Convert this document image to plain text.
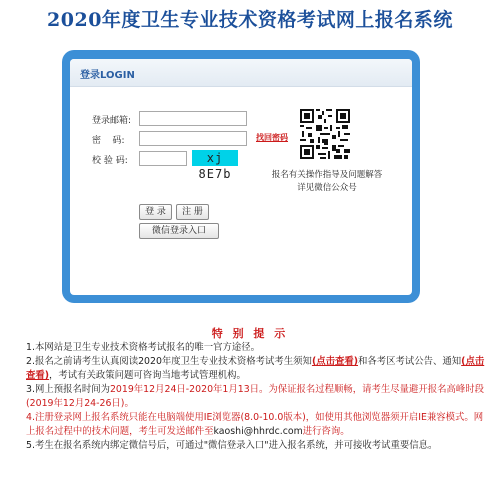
2020年度卫生专业技术资格考试网上报名系统
登录LOGIN
登录邮箱:
密    码:
校 验 码:	xj 8E7b
找回密码
报名有关操作指导及问题解答
详见微信公众号
登 录	注 册
微信登录入口
特 别 提 示

1.本网站是卫生专业技术资格考试报名的唯一官方途径。

2.报名之前请考生认真阅读2020年度卫生专业技术资格考试考生须知(点击查看)和各考区考试公告、通知(点击查看)，考试有关政策问题可咨询当地考试管理机构。

3.网上预报名时间为2019年12月24日-2020年1月13日。为保证报名过程顺畅，请考生尽量避开报名高峰时段(2019年12月24-26日)。

4.注册登录网上报名系统只能在电脑端使用IE浏览器(8.0-10.0版本)，如使用其他浏览器须开启IE兼容模式。网上报名过程中的技术问题，考生可发送邮件至kaoshi@hhrdc.com进行咨询。

5.考生在报名系统内绑定微信号后，可通过"微信登录入口"进入报名系统，并可接收考试重要信息。
